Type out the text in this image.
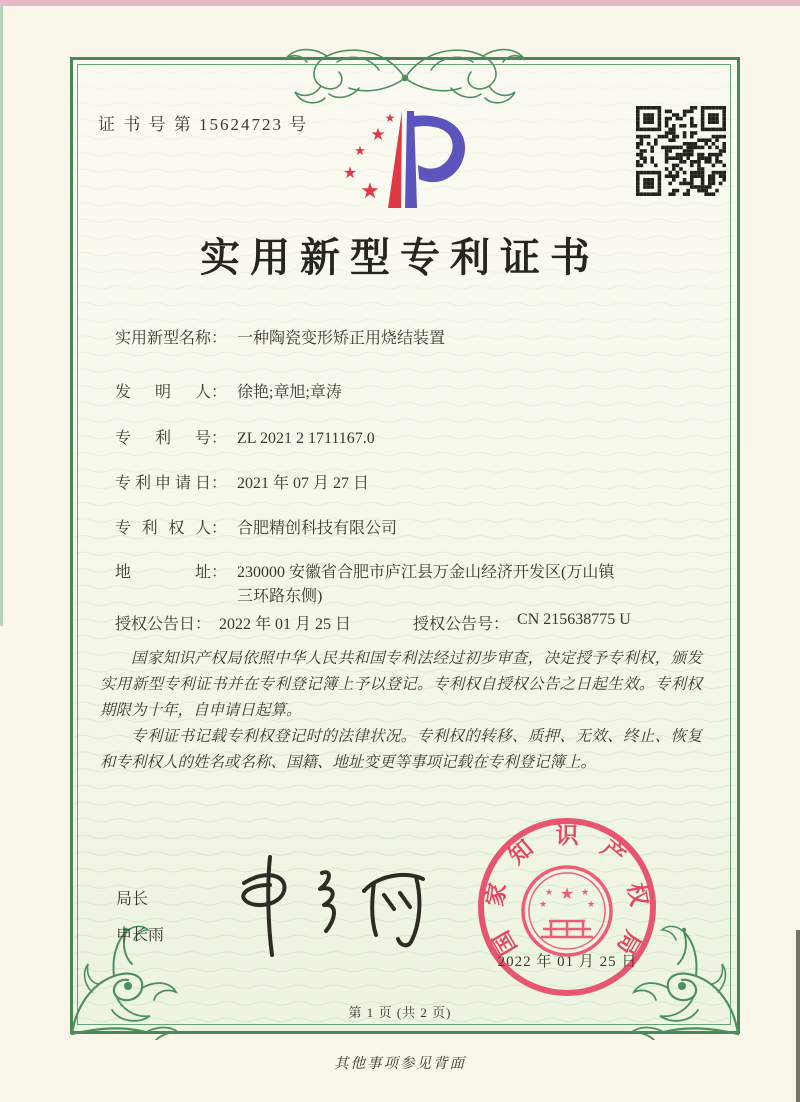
证 书 号 第 15624723 号
★
★
★
★
★
实用新型专利证书
实用新型名称 ： 一种陶瓷变形矫正用烧结装置
发明人 ： 徐艳;章旭;章涛
专利号 ： ZL 2021 2 1711167.0
专利申请日 ： 2021 年 07 月 27 日
专利权人 ： 合肥精创科技有限公司
地址 ： 230000 安徽省合肥市庐江县万金山经济开发区(万山镇三环路东侧)
授权公告日 ： 2022 年 01 月 25 日	授权公告号 ： CN 215638775 U

国家知识产权局依照中华人民共和国专利法经过初步审查，决定授予专利权，颁发实用新型专利证书并在专利登记簿上予以登记。专利权自授权公告之日起生效。专利权期限为十年，自申请日起算。

专利证书记载专利权登记时的法律状况。专利权的转移、质押、无效、终止、恢复和专利权人的姓名或名称、国籍、地址变更等事项记载在专利登记簿上。

局长
申长雨	国
家
知 识 产
权
局
★
★	★
★	★
2022 年 01 月 25 日
第 1 页 (共 2 页)
其他事项参见背面
